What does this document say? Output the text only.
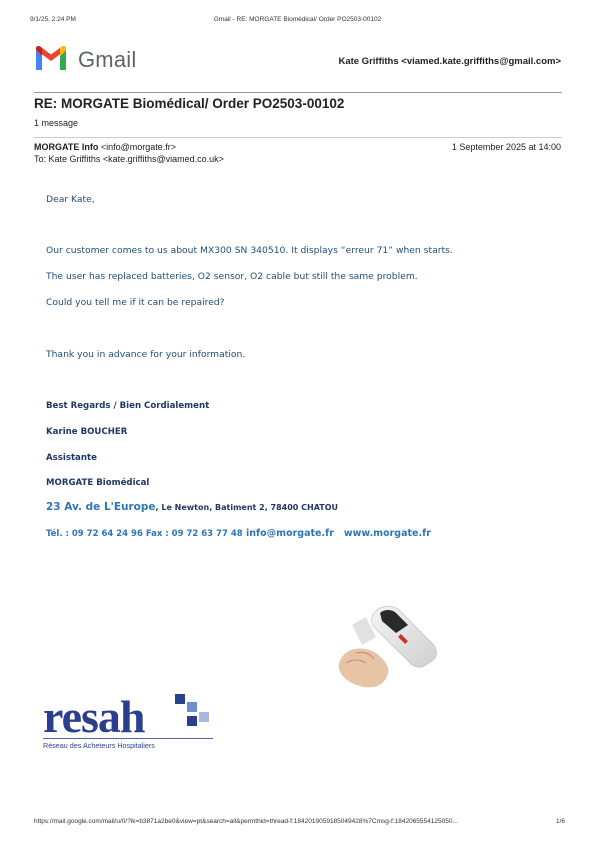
9/1/25, 2:24 PM	Gmail - RE: MORGATE Biomédical/ Order PO2503-00102
Gmail	Kate Griffiths <viamed.kate.griffiths@gmail.com>
RE: MORGATE Biomédical/ Order PO2503-00102
1 message
MORGATE Info <info@morgate.fr>	1 September 2025 at 14:00
To: Kate Griffiths <kate.griffiths@viamed.co.uk>
Dear Kate,
Our customer comes to us about MX300 SN 340510. It displays “erreur 71” when starts.
The user has replaced batteries, O2 sensor, O2 cable but still the same problem.
Could you tell me if it can be repaired?
Thank you in advance for your information.
Best Regards / Bien Cordialement
Karine BOUCHER
Assistante
MORGATE Biomédical
23 Av. de L'Europe, Le Newton, Batiment 2, 78400 CHATOU
Tél. : 09 72 64 24 96 Fax : 09 72 63 77 48 info@morgate.fr www.morgate.fr
resah
Réseau des Acheteurs Hospitaliers
https://mail.google.com/mail/u/0/?ik=b3871a2be0&view=pt&search=all&permthid=thread-f:1842019059185049428%7Cmsg-f:1842065554125050...	1/6
